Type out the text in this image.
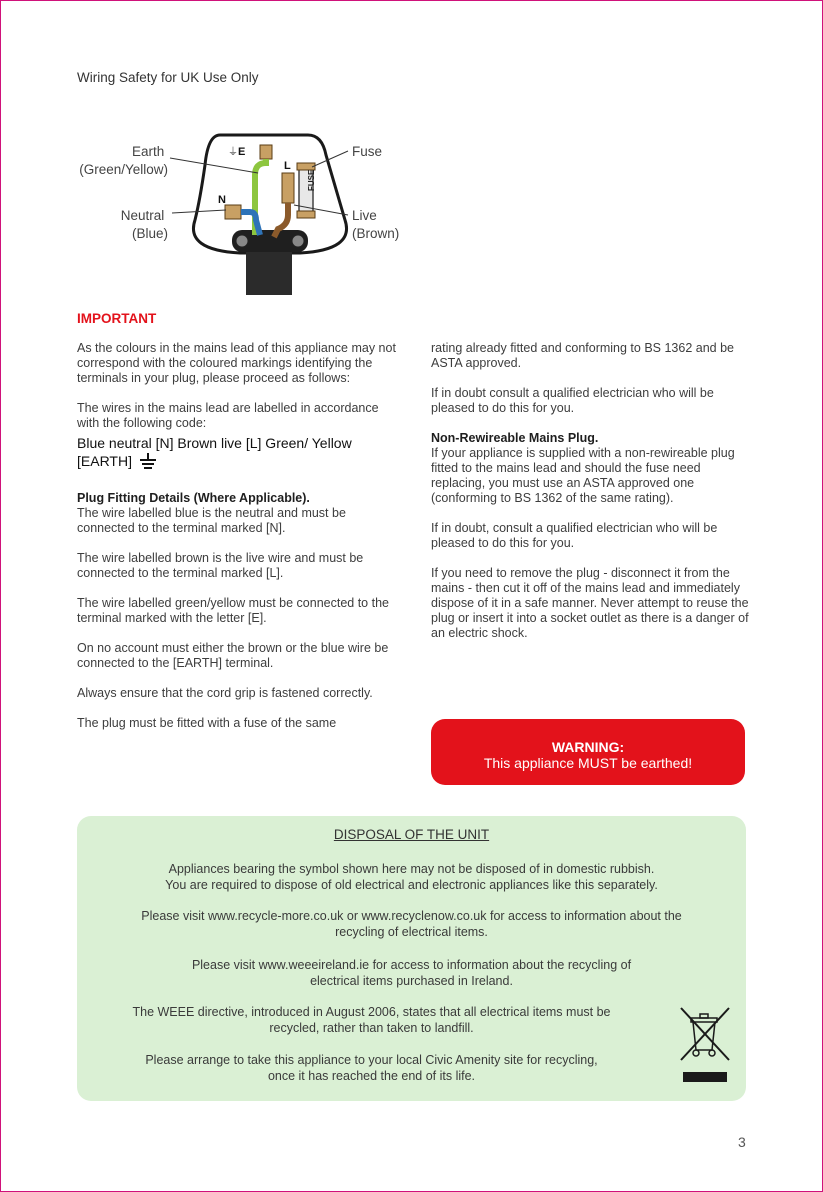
Wiring Safety for UK Use Only
FUSE
E
⏚
L
N
Earth (Green/Yellow)
Neutral (Blue)
Fuse
Live (Brown)
IMPORTANT

As the colours in the mains lead of this appliance may not correspond with the coloured markings identifying the terminals in your plug, please proceed as follows:

The wires in the mains lead are labelled in accordance with the following code:

Blue neutral [N] Brown live [L] Green/ Yellow [EARTH]

Plug Fitting Details (Where Applicable).
The wire labelled blue is the neutral and must be connected to the terminal marked [N].

The wire labelled brown is the live wire and must be connected to the terminal marked [L].

The wire labelled green/yellow must be connected to the terminal marked with the letter [E].

On no account must either the brown or the blue wire be connected to the [EARTH] terminal.

Always ensure that the cord grip is fastened correctly.

The plug must be fitted with a fuse of the same

rating already fitted and conforming to BS 1362 and be ASTA approved.

If in doubt consult a qualified electrician who will be pleased to do this for you.

Non-Rewireable Mains Plug.
If your appliance is supplied with a non-rewireable plug fitted to the mains lead and should the fuse need replacing, you must use an ASTA approved one (conforming to BS 1362 of the same rating).

If in doubt, consult a qualified electrician who will be pleased to do this for you.

If you need to remove the plug - disconnect it from the mains - then cut it off of the mains lead and immediately dispose of it in a safe manner. Never attempt to reuse the plug or insert it into a socket outlet as there is a danger of an electric shock.

WARNING:
This appliance MUST be earthed!
DISPOSAL OF THE UNIT
Appliances bearing the symbol shown here may not be disposed of in domestic rubbish.
You are required to dispose of old electrical and electronic appliances like this separately.
Please visit www.recycle-more.co.uk or www.recyclenow.co.uk for access to information about the
recycling of electrical items.
Please visit www.weeeireland.ie for access to information about the recycling of
electrical items purchased in Ireland.
The WEEE directive, introduced in August 2006, states that all electrical items must be
recycled, rather than taken to landfill.
Please arrange to take this appliance to your local Civic Amenity site for recycling,
once it has reached the end of its life.
3
